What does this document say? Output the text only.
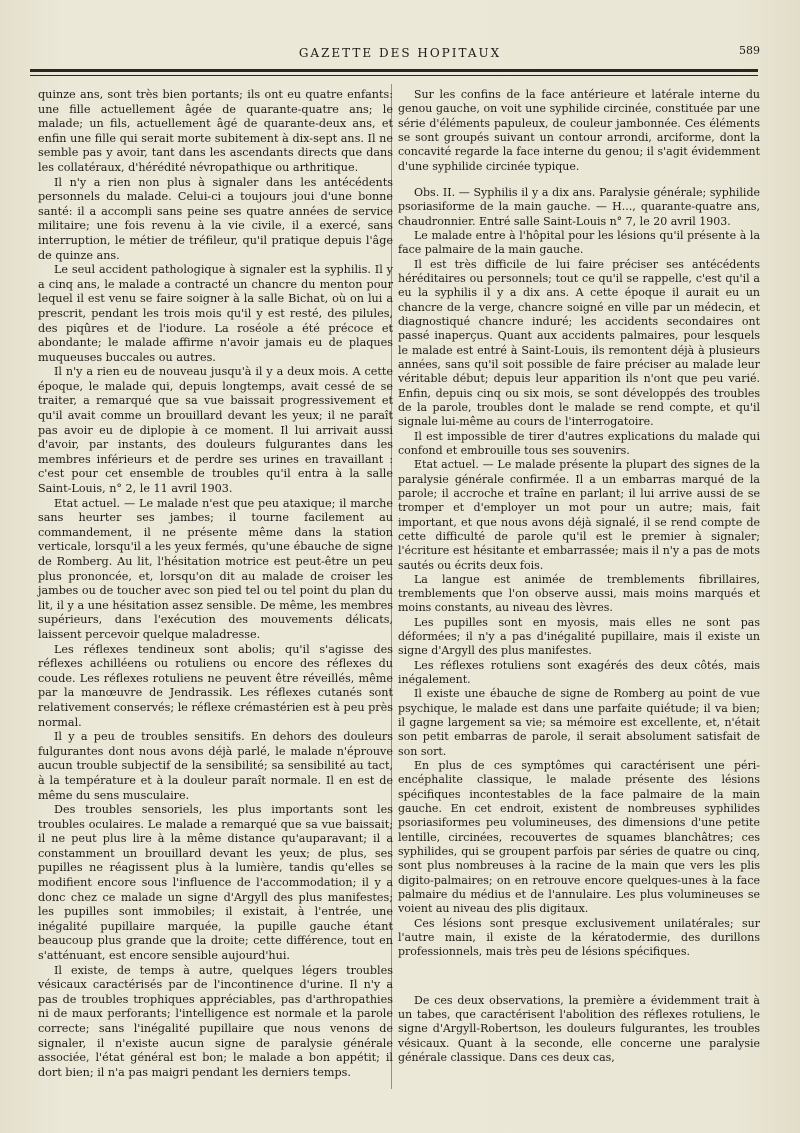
GAZETTE DES HOPITAUX	589

quinze ans, sont très bien portants; ils ont eu quatre enfants: une fille actuellement âgée de quarante-quatre ans; le malade; un fils, actuellement âgé de quarante-deux ans, et enfin une fille qui serait morte subitement à dix-sept ans. Il ne semble pas y avoir, tant dans les ascendants directs que dans les collatéraux, d'hérédité névropathique ou arthritique.

Il n'y a rien non plus à signaler dans les antécédents personnels du malade. Celui-ci a toujours joui d'une bonne santé: il a accompli sans peine ses quatre années de service militaire; une fois revenu à la vie civile, il a exercé, sans interruption, le métier de tréfileur, qu'il pratique depuis l'âge de quinze ans.

Le seul accident pathologique à signaler est la syphilis. Il y a cinq ans, le malade a contracté un chancre du menton pour lequel il est venu se faire soigner à la salle Bichat, où on lui a prescrit, pendant les trois mois qu'il y est resté, des pilules, des piqûres et de l'iodure. La roséole a été précoce et abondante; le malade affirme n'avoir jamais eu de plaques muqueuses buccales ou autres.

Il n'y a rien eu de nouveau jusqu'à il y a deux mois. A cette époque, le malade qui, depuis longtemps, avait cessé de se traiter, a remarqué que sa vue baissait progressivement et qu'il avait comme un brouillard devant les yeux; il ne paraît pas avoir eu de diplopie à ce moment. Il lui arrivait aussi d'avoir, par instants, des douleurs fulgurantes dans les membres inférieurs et de perdre ses urines en travaillant : c'est pour cet ensemble de troubles qu'il entra à la salle Saint-Louis, n° 2, le 11 avril 1903.

Etat actuel. — Le malade n'est que peu ataxique; il marche sans heurter ses jambes; il tourne facilement au commandement, il ne présente même dans la station verticale, lorsqu'il a les yeux fermés, qu'une ébauche de signe de Romberg. Au lit, l'hésitation motrice est peut-être un peu plus prononcée, et, lorsqu'on dit au malade de croiser les jambes ou de toucher avec son pied tel ou tel point du plan du lit, il y a une hésitation assez sensible. De même, les membres supérieurs, dans l'exécution des mouvements délicats, laissent percevoir quelque maladresse.

Les réflexes tendineux sont abolis; qu'il s'agisse des réflexes achilléens ou rotuliens ou encore des réflexes du coude. Les réflexes rotuliens ne peuvent être réveillés, même par la manœuvre de Jendrassik. Les réflexes cutanés sont relativement conservés; le réflexe crémastérien est à peu près normal.

Il y a peu de troubles sensitifs. En dehors des douleurs fulgurantes dont nous avons déjà parlé, le malade n'éprouve aucun trouble subjectif de la sensibilité; sa sensibilité au tact, à la température et à la douleur paraît normale. Il en est de même du sens musculaire.

Des troubles sensoriels, les plus importants sont les troubles oculaires. Le malade a remarqué que sa vue baissait; il ne peut plus lire à la même distance qu'auparavant; il a constamment un brouillard devant les yeux; de plus, ses pupilles ne réagissent plus à la lumière, tandis qu'elles se modifient encore sous l'influence de l'accommodation; il y a donc chez ce malade un signe d'Argyll des plus manifestes; les pupilles sont immobiles; il existait, à l'entrée, une inégalité pupillaire marquée, la pupille gauche étant beaucoup plus grande que la droite; cette différence, tout en s'atténuant, est encore sensible aujourd'hui.

Il existe, de temps à autre, quelques légers troubles vésicaux caractérisés par de l'incontinence d'urine. Il n'y a pas de troubles trophiques appréciables, pas d'arthropathies ni de maux perforants; l'intelligence est normale et la parole correcte; sans l'inégalité pupillaire que nous venons de signaler, il n'existe aucun signe de paralysie générale associée, l'état général est bon; le malade a bon appétit; il dort bien; il n'a pas maigri pendant les derniers temps.

Sur les confins de la face antérieure et latérale interne du genou gauche, on voit une syphilide circinée, constituée par une série d'éléments papuleux, de couleur jambonnée. Ces éléments se sont groupés suivant un contour arrondi, arciforme, dont la concavité regarde la face interne du genou; il s'agit évidemment d'une syphilide circinée typique.

Obs. II. — Syphilis il y a dix ans. Paralysie générale; syphilide psoriasiforme de la main gauche. — H..., quarante-quatre ans, chaudronnier. Entré salle Saint-Louis n° 7, le 20 avril 1903.

Le malade entre à l'hôpital pour les lésions qu'il présente à la face palmaire de la main gauche.

Il est très difficile de lui faire préciser ses antécédents héréditaires ou personnels; tout ce qu'il se rappelle, c'est qu'il a eu la syphilis il y a dix ans. A cette époque il aurait eu un chancre de la verge, chancre soigné en ville par un médecin, et diagnostiqué chancre induré; les accidents secondaires ont passé inaperçus. Quant aux accidents palmaires, pour lesquels le malade est entré à Saint-Louis, ils remontent déjà à plusieurs années, sans qu'il soit possible de faire préciser au malade leur véritable début; depuis leur apparition ils n'ont que peu varié. Enfin, depuis cinq ou six mois, se sont développés des troubles de la parole, troubles dont le malade se rend compte, et qu'il signale lui-même au cours de l'interrogatoire.

Il est impossible de tirer d'autres explications du malade qui confond et embrouille tous ses souvenirs.

Etat actuel. — Le malade présente la plupart des signes de la paralysie générale confirmée. Il a un embarras marqué de la parole; il accroche et traîne en parlant; il lui arrive aussi de se tromper et d'employer un mot pour un autre; mais, fait important, et que nous avons déjà signalé, il se rend compte de cette difficulté de parole qu'il est le premier à signaler; l'écriture est hésitante et embarrassée; mais il n'y a pas de mots sautés ou écrits deux fois.

La langue est animée de tremblements fibrillaires, tremblements que l'on observe aussi, mais moins marqués et moins constants, au niveau des lèvres.

Les pupilles sont en myosis, mais elles ne sont pas déformées; il n'y a pas d'inégalité pupillaire, mais il existe un signe d'Argyll des plus manifestes.

Les réflexes rotuliens sont exagérés des deux côtés, mais inégalement.

Il existe une ébauche de signe de Romberg au point de vue psychique, le malade est dans une parfaite quiétude; il va bien; il gagne largement sa vie; sa mémoire est excellente, et, n'était son petit embarras de parole, il serait absolument satisfait de son sort.

En plus de ces symptômes qui caractérisent une péri-encéphalite classique, le malade présente des lésions spécifiques incontestables de la face palmaire de la main gauche. En cet endroit, existent de nombreuses syphilides psoriasiformes peu volumineuses, des dimensions d'une petite lentille, circinées, recouvertes de squames blanchâtres; ces syphilides, qui se groupent parfois par séries de quatre ou cinq, sont plus nombreuses à la racine de la main que vers les plis digito-palmaires; on en retrouve encore quelques-unes à la face palmaire du médius et de l'annulaire. Les plus volumineuses se voient au niveau des plis digitaux.

Ces lésions sont presque exclusivement unilatérales; sur l'autre main, il existe de la kératodermie, des durillons professionnels, mais très peu de lésions spécifiques.

De ces deux observations, la première a évidemment trait à un tabes, que caractérisent l'abolition des réflexes rotuliens, le signe d'Argyll-Robertson, les douleurs fulgurantes, les troubles vésicaux. Quant à la seconde, elle concerne une paralysie générale classique. Dans ces deux cas,
